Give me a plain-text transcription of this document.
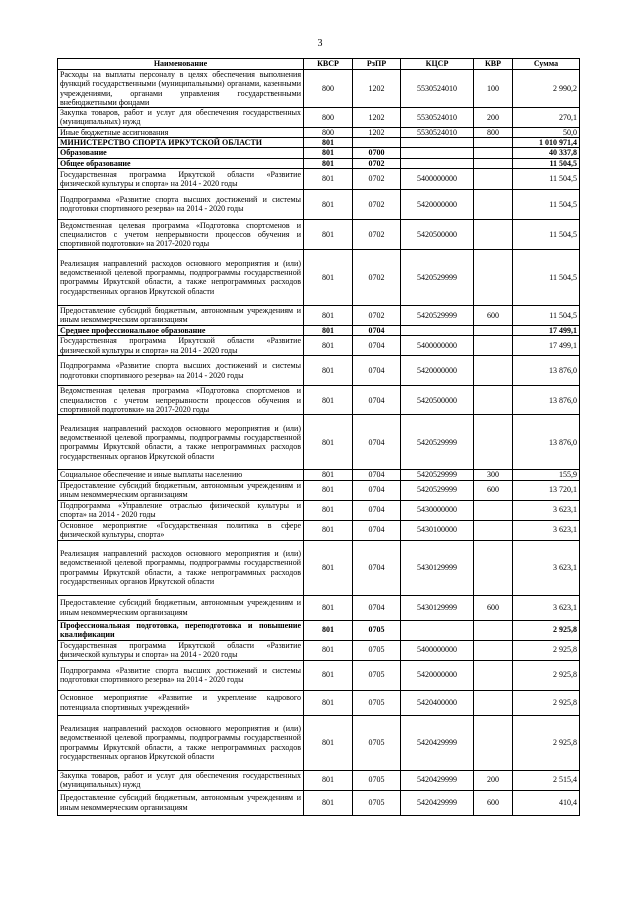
3
Наименование	КВСР	РзПР	КЦСР	КВР	Сумма
Расходы на выплаты персоналу в целях обеспечения выполнения функций государственными (муниципальными) органами, казенными учреждениями, органами управления государственными внебюджетными фондами	800	1202	5530524010	100	2 990,2
Закупка товаров, работ и услуг для обеспечения государственных (муниципальных) нужд	800	1202	5530524010	200	270,1
Иные бюджетные ассигнования	800	1202	5530524010	800	50,0
МИНИСТЕРСТВО СПОРТА ИРКУТСКОЙ ОБЛАСТИ	801				1 010 971,4
Образование	801	0700			40 337,8
Общее образование	801	0702			11 504,5
Государственная программа Иркутской области «Развитие физической культуры и спорта» на 2014 - 2020 годы	801	0702	5400000000		11 504,5
Подпрограмма «Развитие спорта высших достижений и системы подготовки спортивного резерва» на 2014 - 2020 годы	801	0702	5420000000		11 504,5
Ведомственная целевая программа «Подготовка спортсменов и специалистов с учетом непрерывности процессов обучения и спортивной подготовки» на 2017-2020 годы	801	0702	5420500000		11 504,5
Реализация направлений расходов основного мероприятия и (или) ведомственной целевой программы, подпрограммы государственной программы Иркутской области, а также непрограммных расходов государственных органов Иркутской области	801	0702	5420529999		11 504,5
Предоставление субсидий бюджетным, автономным учреждениям и иным некоммерческим организациям	801	0702	5420529999	600	11 504,5
Среднее профессиональное образование	801	0704			17 499,1
Государственная программа Иркутской области «Развитие физической культуры и спорта» на 2014 - 2020 годы	801	0704	5400000000		17 499,1
Подпрограмма «Развитие спорта высших достижений и системы подготовки спортивного резерва» на 2014 - 2020 годы	801	0704	5420000000		13 876,0
Ведомственная целевая программа «Подготовка спортсменов и специалистов с учетом непрерывности процессов обучения и спортивной подготовки» на 2017-2020 годы	801	0704	5420500000		13 876,0
Реализация направлений расходов основного мероприятия и (или) ведомственной целевой программы, подпрограммы государственной программы Иркутской области, а также непрограммных расходов государственных органов Иркутской области	801	0704	5420529999		13 876,0
Социальное обеспечение и иные выплаты населению	801	0704	5420529999	300	155,9
Предоставление субсидий бюджетным, автономным учреждениям и иным некоммерческим организациям	801	0704	5420529999	600	13 720,1
Подпрограмма «Управление отраслью физической культуры и спорта» на 2014 - 2020 годы	801	0704	5430000000		3 623,1
Основное мероприятие «Государственная политика в сфере физической культуры, спорта»	801	0704	5430100000		3 623,1
Реализация направлений расходов основного мероприятия и (или) ведомственной целевой программы, подпрограммы государственной программы Иркутской области, а также непрограммных расходов государственных органов Иркутской области	801	0704	5430129999		3 623,1
Предоставление субсидий бюджетным, автономным учреждениям и иным некоммерческим организациям	801	0704	5430129999	600	3 623,1
Профессиональная подготовка, переподготовка и повышение квалификации	801	0705			2 925,8
Государственная программа Иркутской области «Развитие физической культуры и спорта» на 2014 - 2020 годы	801	0705	5400000000		2 925,8
Подпрограмма «Развитие спорта высших достижений и системы подготовки спортивного резерва» на 2014 - 2020 годы	801	0705	5420000000		2 925,8
Основное мероприятие «Развитие и укрепление кадрового потенциала спортивных учреждений»	801	0705	5420400000		2 925,8
Реализация направлений расходов основного мероприятия и (или) ведомственной целевой программы, подпрограммы государственной программы Иркутской области, а также непрограммных расходов государственных органов Иркутской области	801	0705	5420429999		2 925,8
Закупка товаров, работ и услуг для обеспечения государственных (муниципальных) нужд	801	0705	5420429999	200	2 515,4
Предоставление субсидий бюджетным, автономным учреждениям и иным некоммерческим организациям	801	0705	5420429999	600	410,4
